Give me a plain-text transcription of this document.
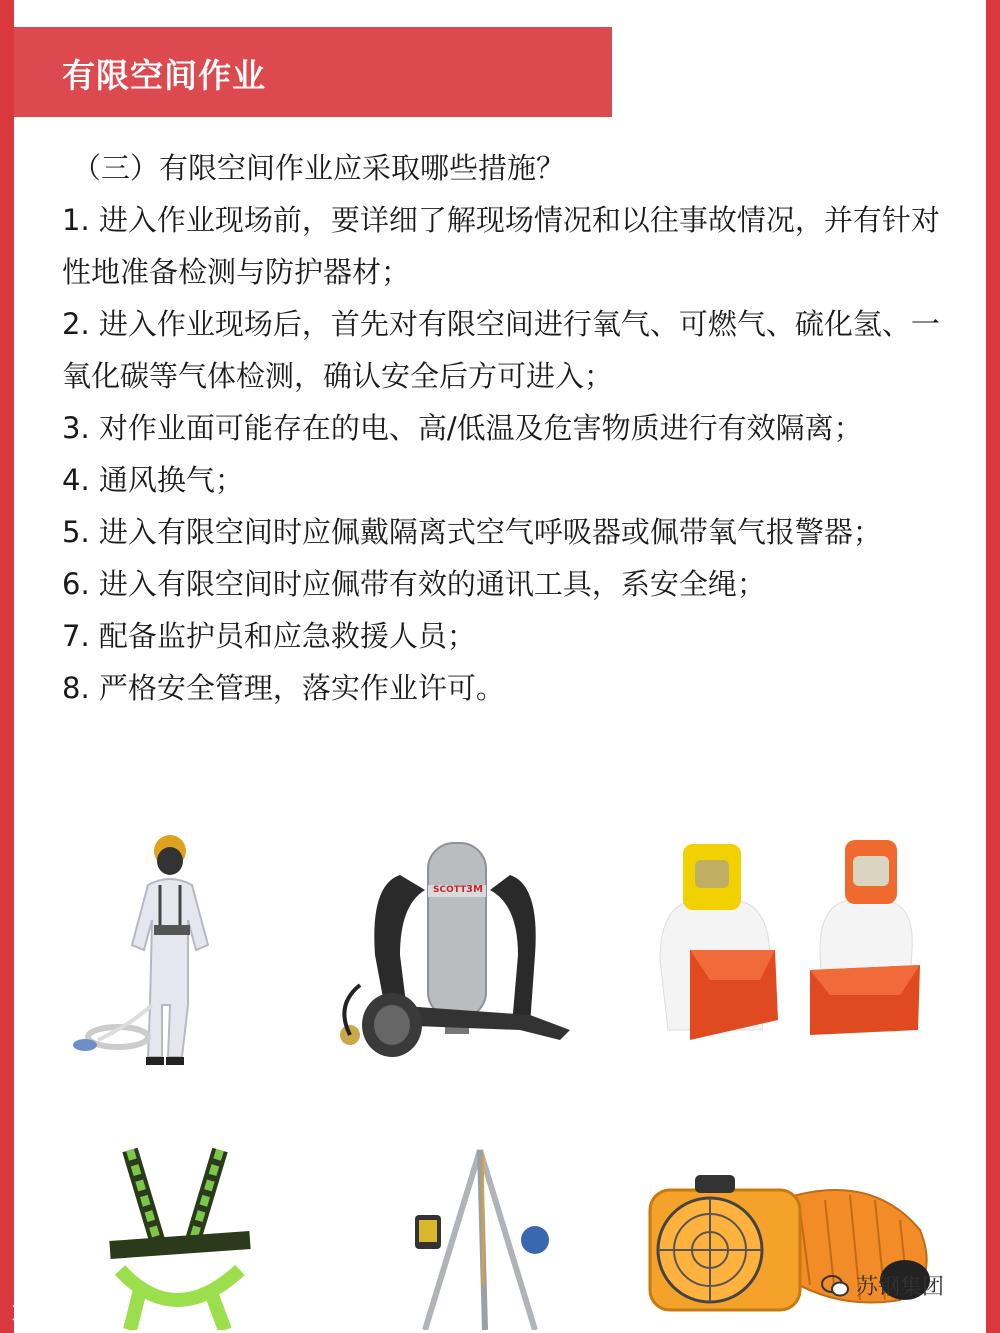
有限空间作业

（三）有限空间作业应采取哪些措施？

1. 进入作业现场前，要详细了解现场情况和以往事故情况，并有针对性地准备检测与防护器材；

2. 进入作业现场后，首先对有限空间进行氧气、可燃气、硫化氢、一氧化碳等气体检测，确认安全后方可进入；

3. 对作业面可能存在的电、高/低温及危害物质进行有效隔离；

4. 通风换气；

5. 进入有限空间时应佩戴隔离式空气呼吸器或佩带氧气报警器；

6. 进入有限空间时应佩带有效的通讯工具，系安全绳；

7. 配备监护员和应急救援人员；

8. 严格安全管理，落实作业许可。

SCOTT 3M
大数跨境
苏钢集团
